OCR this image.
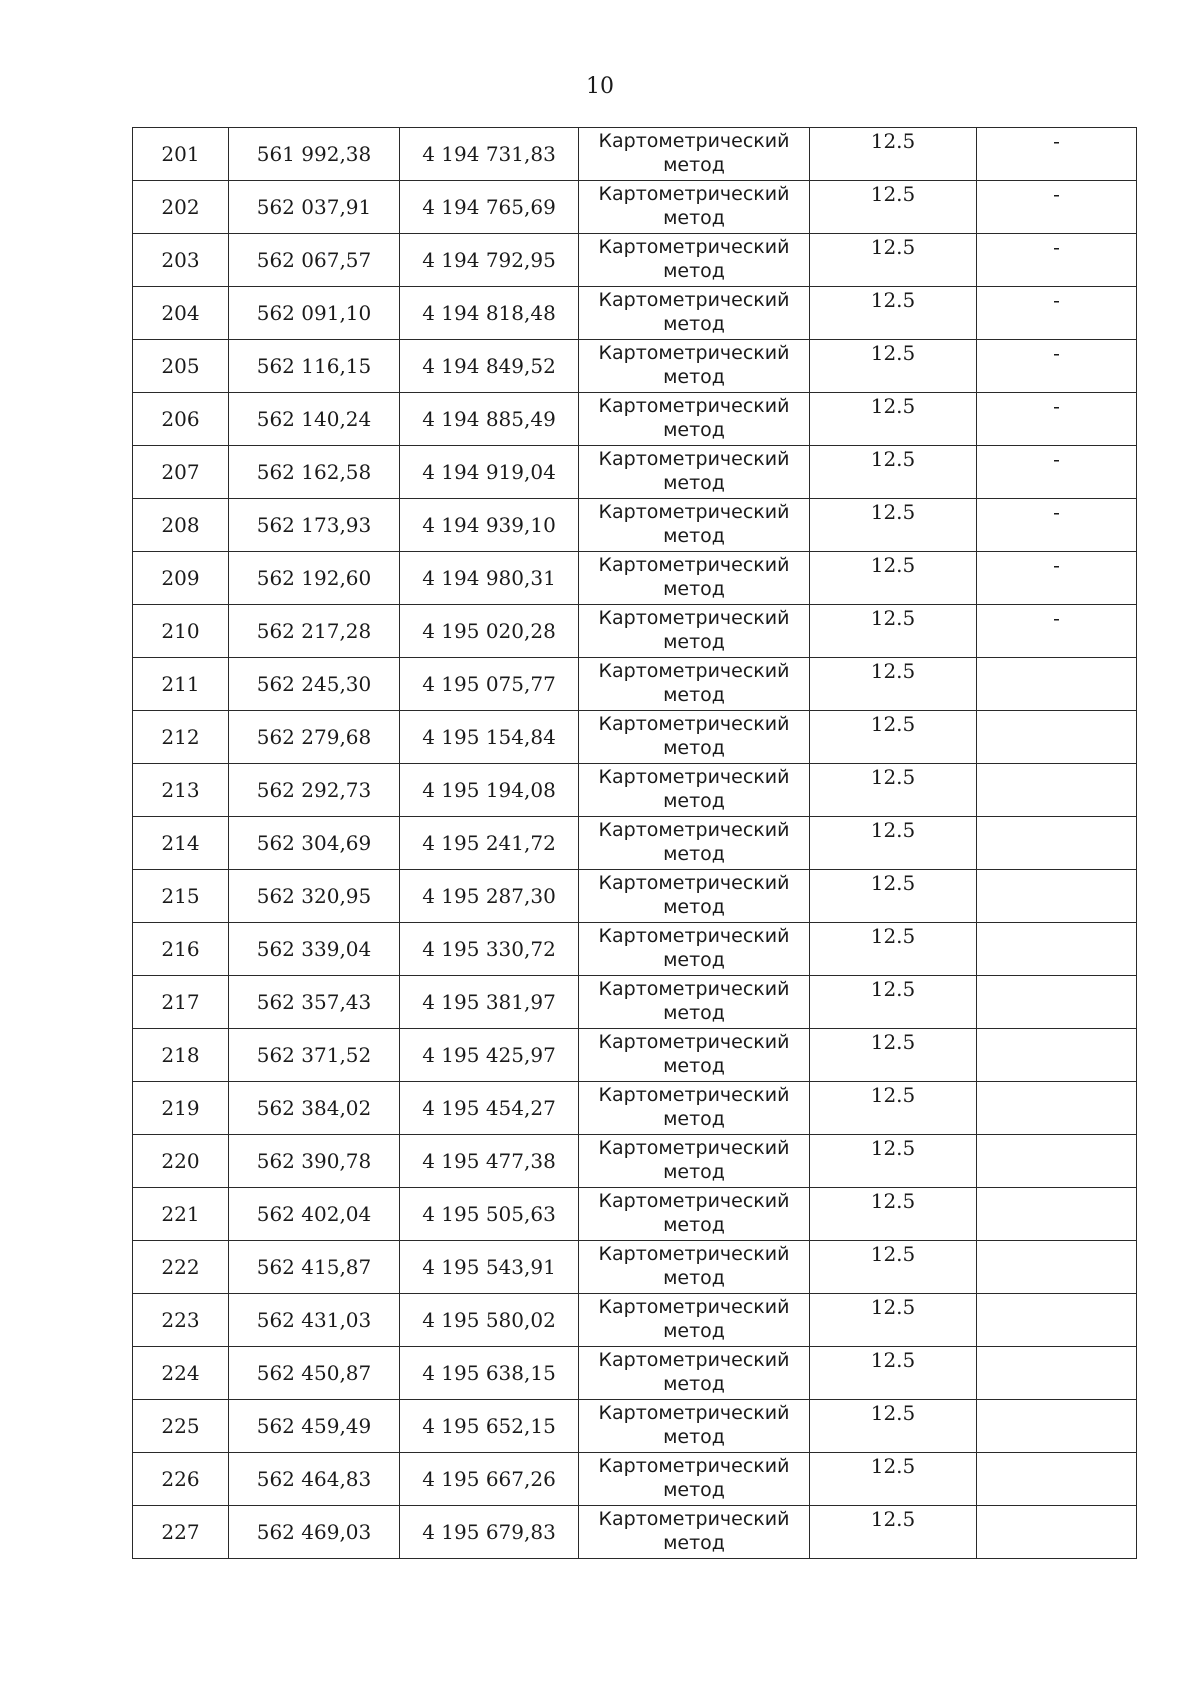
10
201	561 992,38	4 194 731,83	Картометрический
метод	12.5	-
202	562 037,91	4 194 765,69	Картометрический
метод	12.5	-
203	562 067,57	4 194 792,95	Картометрический
метод	12.5	-
204	562 091,10	4 194 818,48	Картометрический
метод	12.5	-
205	562 116,15	4 194 849,52	Картометрический
метод	12.5	-
206	562 140,24	4 194 885,49	Картометрический
метод	12.5	-
207	562 162,58	4 194 919,04	Картометрический
метод	12.5	-
208	562 173,93	4 194 939,10	Картометрический
метод	12.5	-
209	562 192,60	4 194 980,31	Картометрический
метод	12.5	-
210	562 217,28	4 195 020,28	Картометрический
метод	12.5	-
211	562 245,30	4 195 075,77	Картометрический
метод	12.5	
212	562 279,68	4 195 154,84	Картометрический
метод	12.5	
213	562 292,73	4 195 194,08	Картометрический
метод	12.5	
214	562 304,69	4 195 241,72	Картометрический
метод	12.5	
215	562 320,95	4 195 287,30	Картометрический
метод	12.5	
216	562 339,04	4 195 330,72	Картометрический
метод	12.5	
217	562 357,43	4 195 381,97	Картометрический
метод	12.5	
218	562 371,52	4 195 425,97	Картометрический
метод	12.5	
219	562 384,02	4 195 454,27	Картометрический
метод	12.5	
220	562 390,78	4 195 477,38	Картометрический
метод	12.5	
221	562 402,04	4 195 505,63	Картометрический
метод	12.5	
222	562 415,87	4 195 543,91	Картометрический
метод	12.5	
223	562 431,03	4 195 580,02	Картометрический
метод	12.5	
224	562 450,87	4 195 638,15	Картометрический
метод	12.5	
225	562 459,49	4 195 652,15	Картометрический
метод	12.5	
226	562 464,83	4 195 667,26	Картометрический
метод	12.5	
227	562 469,03	4 195 679,83	Картометрический
метод	12.5	
